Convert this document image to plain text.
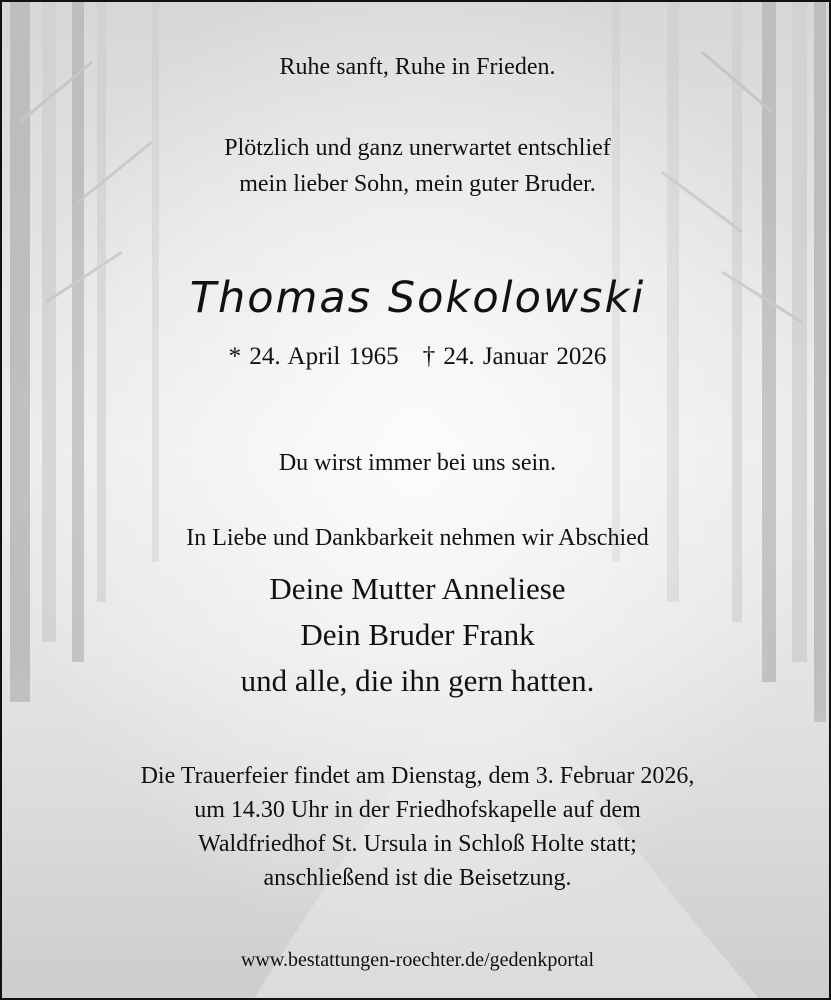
Ruhe sanft, Ruhe in Frieden.
Plötzlich und ganz unerwartet entschlief
mein lieber Sohn, mein guter Bruder.
Thomas Sokolowski
* 24. April 1965 † 24. Januar 2026
Du wirst immer bei uns sein.
In Liebe und Dankbarkeit nehmen wir Abschied
Deine Mutter Anneliese
Dein Bruder Frank
und alle, die ihn gern hatten.
Die Trauerfeier findet am Dienstag, dem 3. Februar 2026,
um 14.30 Uhr in der Friedhofskapelle auf dem
Waldfriedhof St. Ursula in Schloß Holte statt;
anschließend ist die Beisetzung.
www.bestattungen-roechter.de/gedenkportal
